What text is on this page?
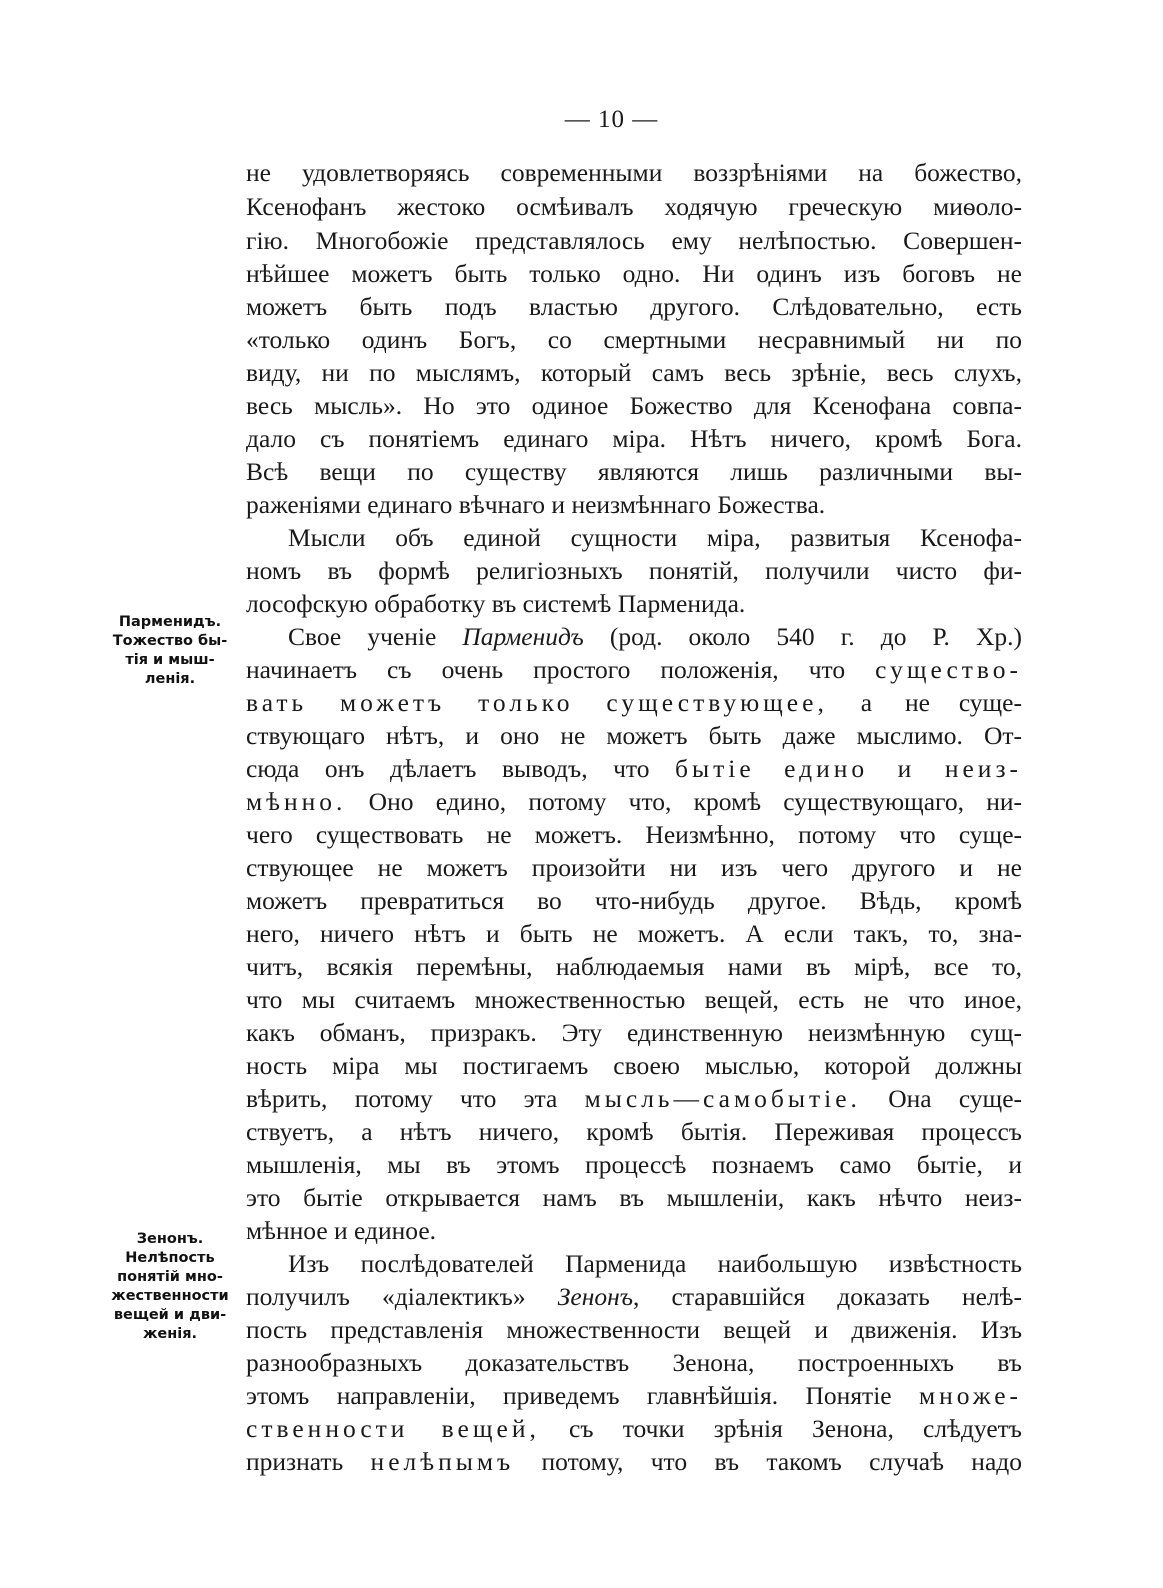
— 10 —
Парменидъ.
Тожество бы-
тія и мыш-
ленія.
Зенонъ.
Нелѣпость
понятій мно-
жественности
вещей и дви-
женія.
не удовлетворяясь современными воззрѣніями на божество,
Ксенофанъ жестоко осмѣивалъ ходячую греческую миѳоло-
гію. Многобожіе представлялось ему нелѣпостью. Совершен-
нѣйшее можетъ быть только одно. Ни одинъ изъ боговъ не
можетъ быть подъ властью другого. Слѣдовательно, есть
«только одинъ Богъ, со смертными несравнимый ни по
виду, ни по мыслямъ, который самъ весь зрѣніе, весь слухъ,
весь мысль». Но это одиное Божество для Ксенофана совпа-
дало съ понятіемъ единаго міра. Нѣтъ ничего, кромѣ Бога.
Всѣ вещи по существу являются лишь различными вы-
раженіями единаго вѣчнаго и неизмѣннаго Божества.
Мысли объ единой сущности міра, развитыя Ксенофа-
номъ въ формѣ религіозныхъ понятій, получили чисто фи-
лософскую обработку въ системѣ Парменида.
Свое ученіе Парменидъ (род. около 540 г. до Р. Хр.)
начинаетъ съ очень простого положенія, что существо-
вать можетъ только существующее, а не суще-
ствующаго нѣтъ, и оно не можетъ быть даже мыслимо. От-
сюда онъ дѣлаетъ выводъ, что бытіе едино и неиз-
мѣнно. Оно едино, потому что, кромѣ существующаго, ни-
чего существовать не можетъ. Неизмѣнно, потому что суще-
ствующее не можетъ произойти ни изъ чего другого и не
можетъ превратиться во что-нибудь другое. Вѣдь, кромѣ
него, ничего нѣтъ и быть не можетъ. А если такъ, то, зна-
читъ, всякія перемѣны, наблюдаемыя нами въ мірѣ, все то,
что мы считаемъ множественностью вещей, есть не что иное,
какъ обманъ, призракъ. Эту единственную неизмѣнную сущ-
ность міра мы постигаемъ своею мыслью, которой должны
вѣрить, потому что эта мысль—самобытіе. Она суще-
ствуетъ, а нѣтъ ничего, кромѣ бытія. Переживая процессъ
мышленія, мы въ этомъ процессѣ познаемъ само бытіе, и
это бытіе открывается намъ въ мышленіи, какъ нѣчто неиз-
мѣнное и единое.
Изъ послѣдователей Парменида наибольшую извѣстность
получилъ «діалектикъ» Зенонъ, старавшійся доказать нелѣ-
пость представленія множественности вещей и движенія. Изъ
разнообразныхъ доказательствъ Зенона, построенныхъ въ
этомъ направленіи, приведемъ главнѣйшія. Понятіе множе-
ственности вещей, съ точки зрѣнія Зенона, слѣдуетъ
признать нелѣпымъ потому, что въ такомъ случаѣ надо
